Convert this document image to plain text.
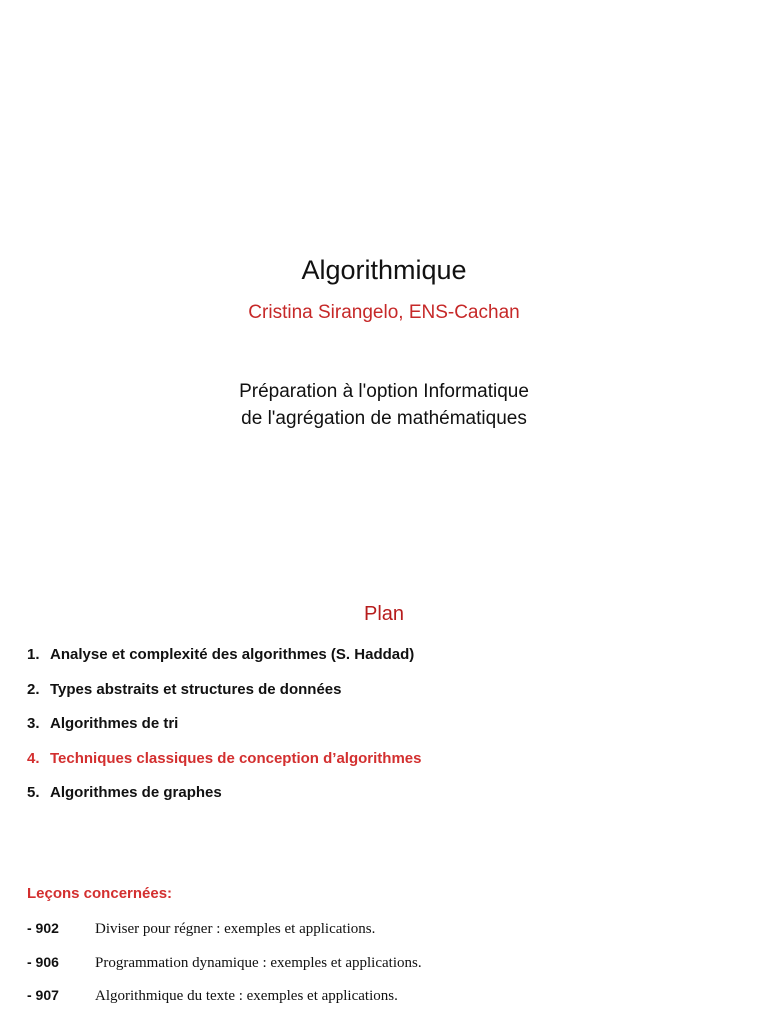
Algorithmique
Cristina Sirangelo, ENS-Cachan
Préparation à l'option Informatique
de l'agrégation de mathématiques
Plan
1. Analyse et complexité des algorithmes (S. Haddad)
2. Types abstraits et structures de données
3. Algorithmes de tri
4. Techniques classiques de conception d’algorithmes
5. Algorithmes de graphes
Leçons concernées:
- 902 Diviser pour régner : exemples et applications.
- 906 Programmation dynamique : exemples et applications.
- 907 Algorithmique du texte : exemples et applications.
